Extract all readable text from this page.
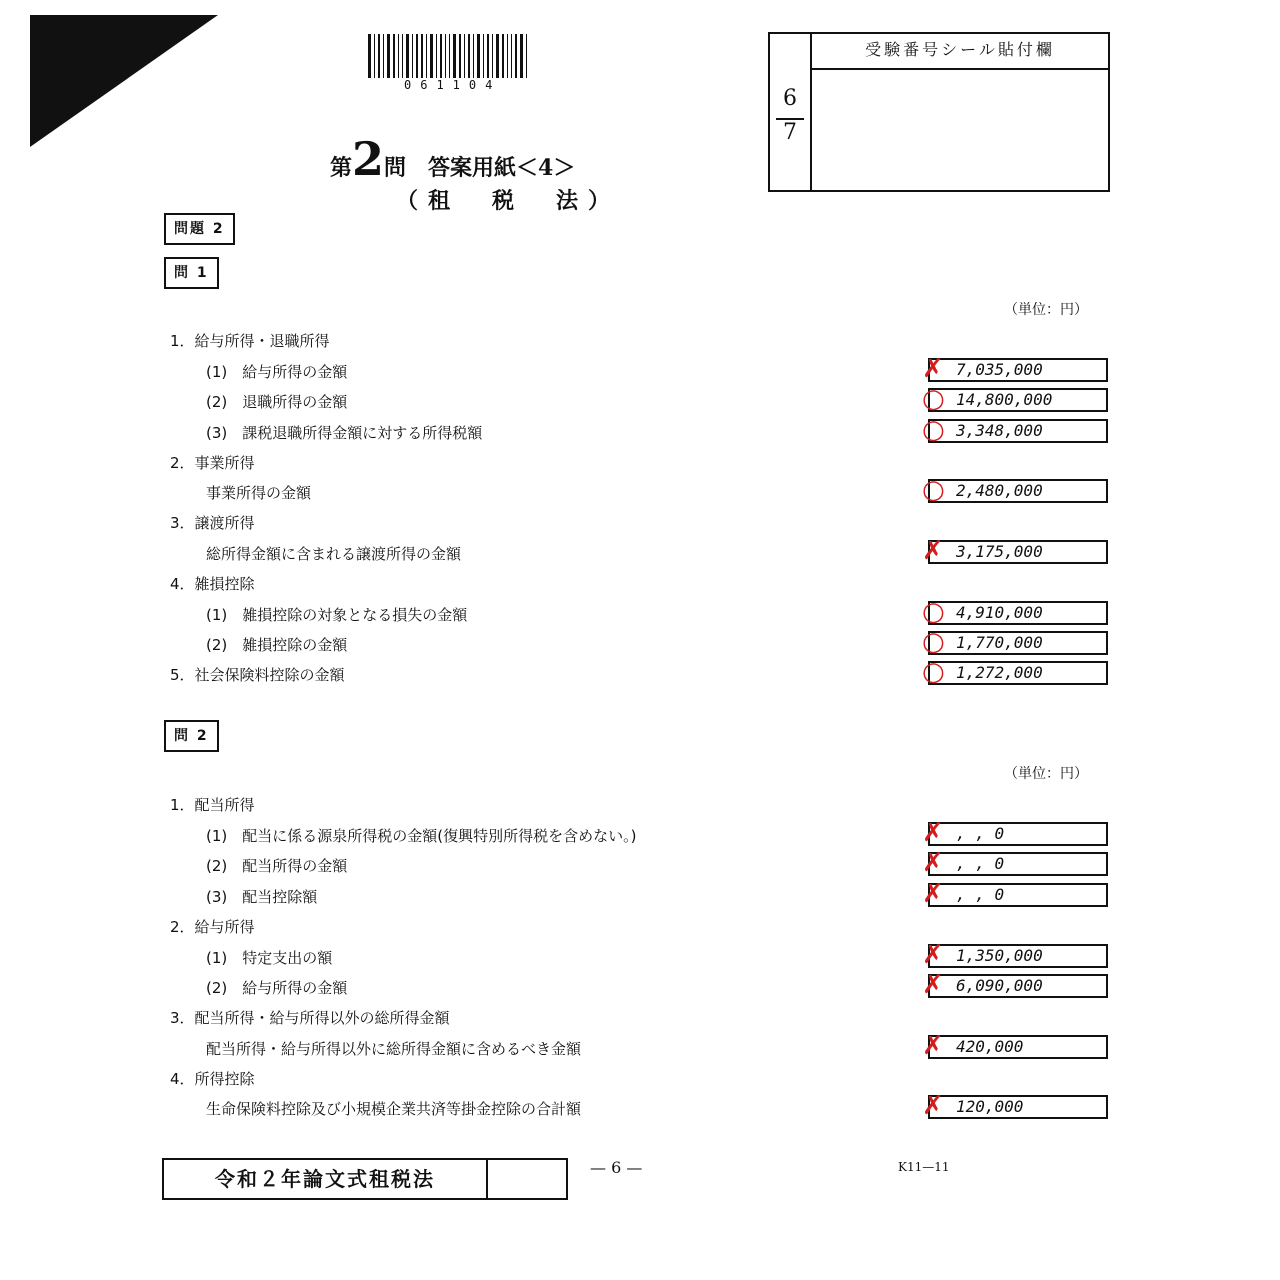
061104
6
7
受験番号シール貼付欄
第2問　答案用紙＜4＞
（租　税　法）
問題 2
問 1
（単位：円）
1．給与所得・退職所得
(1)　給与所得の金額	7,035,000
✗
(2)　退職所得の金額	14,800,000
○
(3)　課税退職所得金額に対する所得税額	3,348,000
○
2．事業所得
事業所得の金額	2,480,000
○
3．譲渡所得
総所得金額に含まれる譲渡所得の金額	3,175,000
✗
4．雑損控除
(1)　雑損控除の対象となる損失の金額	4,910,000
○
(2)　雑損控除の金額	1,770,000
○
5．社会保険料控除の金額	1,272,000
○
問 2
（単位：円）
1．配当所得
(1)　配当に係る源泉所得税の金額(復興特別所得税を含めない。)	, , 0
✗
(2)　配当所得の金額	, , 0
✗
(3)　配当控除額	, , 0
✗
2．給与所得
(1)　特定支出の額	1,350,000
✗
(2)　給与所得の金額	6,090,000
✗
3．配当所得・給与所得以外の総所得金額
配当所得・給与所得以外に総所得金額に含めるべき金額	420,000
✗
4．所得控除
生命保険料控除及び小規模企業共済等掛金控除の合計額	120,000
✗
令和２年論文式租税法	— 6 —	K11—11
